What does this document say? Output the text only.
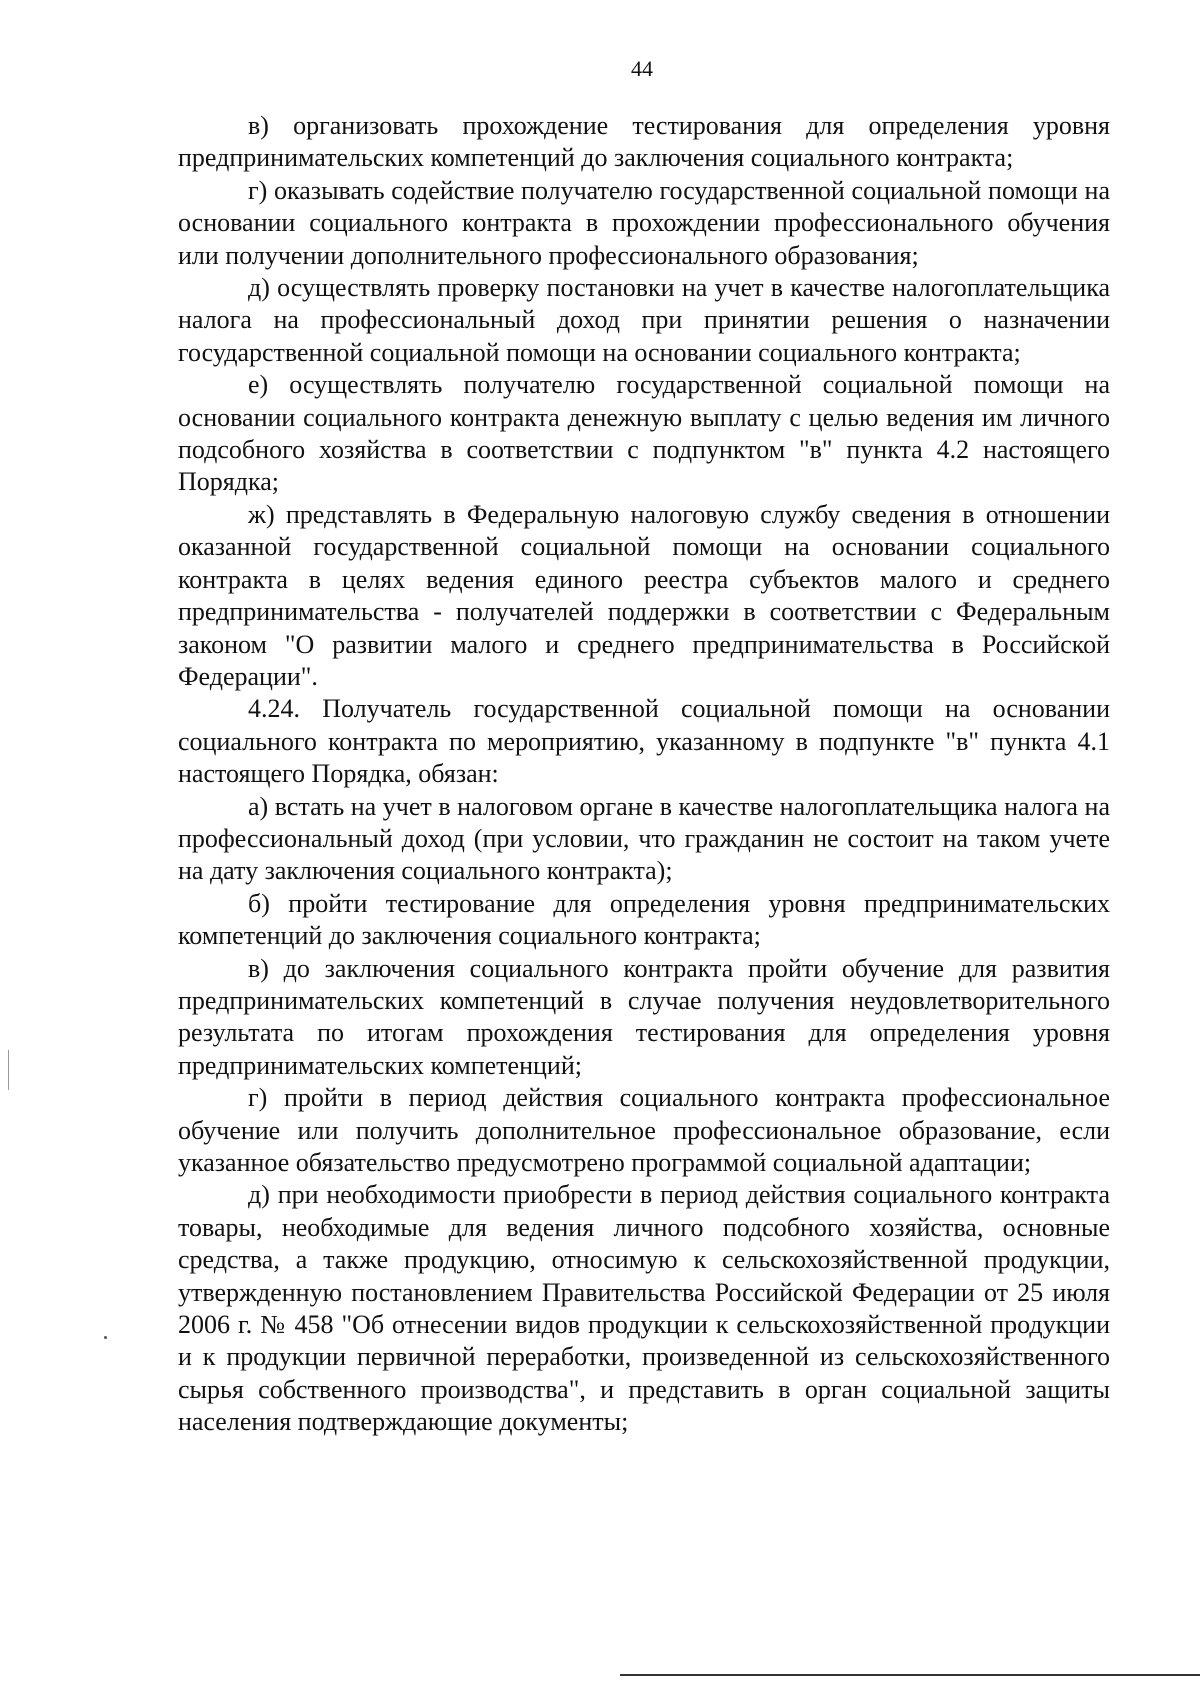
44

в) организовать прохождение тестирования для определения уровня предпринимательских компетенций до заключения социального контракта;

г) оказывать содействие получателю государственной социальной помощи на основании социального контракта в прохождении профессионального обучения или получении дополнительного профессионального образования;

д) осуществлять проверку постановки на учет в качестве налогоплательщика налога на профессиональный доход при принятии решения о назначении государственной социальной помощи на основании социального контракта;

е) осуществлять получателю государственной социальной помощи на основании социального контракта денежную выплату с целью ведения им личного подсобного хозяйства в соответствии с подпунктом "в" пункта 4.2 настоящего Порядка;

ж) представлять в Федеральную налоговую службу сведения в отношении оказанной государственной социальной помощи на основании социального контракта в целях ведения единого реестра субъектов малого и среднего предпринимательства - получателей поддержки в соответствии с Федеральным законом "О развитии малого и среднего предпринимательства в Российской Федерации".

4.24. Получатель государственной социальной помощи на основании социального контракта по мероприятию, указанному в подпункте "в" пункта 4.1 настоящего Порядка, обязан:

а) встать на учет в налоговом органе в качестве налогоплательщика налога на профессиональный доход (при условии, что гражданин не состоит на таком учете на дату заключения социального контракта);

б) пройти тестирование для определения уровня предпринимательских компетенций до заключения социального контракта;

в) до заключения социального контракта пройти обучение для развития предпринимательских компетенций в случае получения неудовлетворительного результата по итогам прохождения тестирования для определения уровня предпринимательских компетенций;

г) пройти в период действия социального контракта профессиональное обучение или получить дополнительное профессиональное образование, если указанное обязательство предусмотрено программой социальной адаптации;

д) при необходимости приобрести в период действия социального контракта товары, необходимые для ведения личного подсобного хозяйства, основные средства, а также продукцию, относимую к сельскохозяйственной продукции, утвержденную постановлением Правительства Российской Федерации от 25 июля 2006 г. № 458 "Об отнесении видов продукции к сельскохозяйственной продукции и к продукции первичной переработки, произведенной из сельскохозяйственного сырья собственного производства", и представить в орган социальной защиты населения подтверждающие документы;
